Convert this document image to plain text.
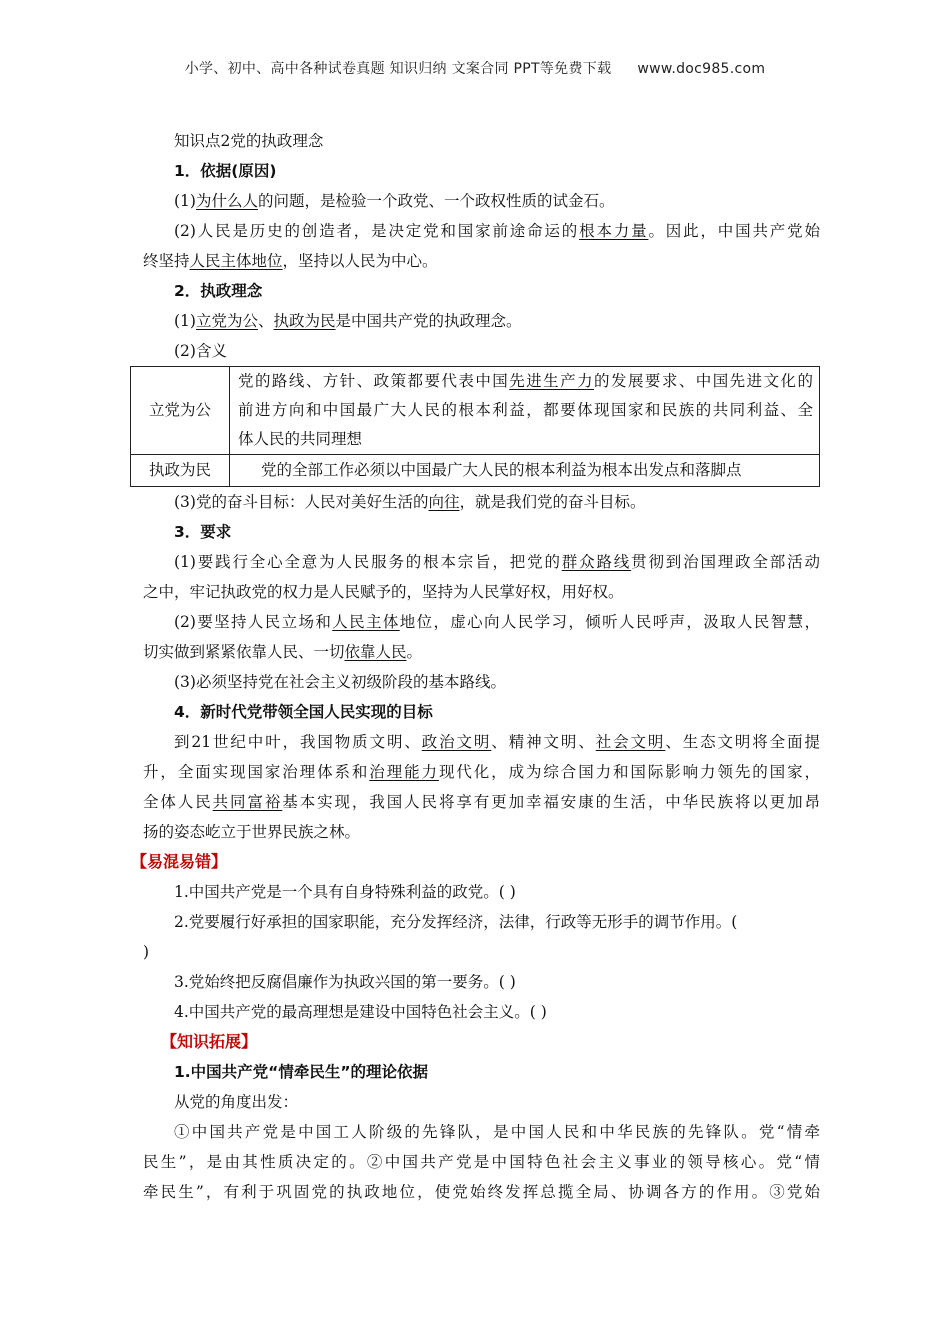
小学、初中、高中各种试卷真题 知识归纳 文案合同 PPT等免费下载 www.doc985.com
知识点2党的执政理念
1．依据(原因)
(1)为什么人的问题，是检验一个政党、一个政权性质的试金石。
(2)人民是历史的创造者，是决定党和国家前途命运的根本力量。因此，中国共产党始
终坚持人民主体地位，坚持以人民为中心。
2．执政理念
(1)立党为公、执政为民是中国共产党的执政理念。
(2)含义
立党为公	党的路线、方针、政策都要代表中国先进生产力的发展要求、中国先进文化的
前进方向和中国最广大人民的根本利益，都要体现国家和民族的共同利益、全
体人民的共同理想

执政为民	党的全部工作必须以中国最广大人民的根本利益为根本出发点和落脚点
(3)党的奋斗目标：人民对美好生活的向往，就是我们党的奋斗目标。
3．要求
(1)要践行全心全意为人民服务的根本宗旨，把党的群众路线贯彻到治国理政全部活动
之中，牢记执政党的权力是人民赋予的，坚持为人民掌好权，用好权。
(2)要坚持人民立场和人民主体地位，虚心向人民学习，倾听人民呼声，汲取人民智慧，
切实做到紧紧依靠人民、一切依靠人民。
(3)必须坚持党在社会主义初级阶段的基本路线。
4．新时代党带领全国人民实现的目标
到21世纪中叶，我国物质文明、政治文明、精神文明、社会文明、生态文明将全面提
升，全面实现国家治理体系和治理能力现代化，成为综合国力和国际影响力领先的国家，
全体人民共同富裕基本实现，我国人民将享有更加幸福安康的生活，中华民族将以更加昂
扬的姿态屹立于世界民族之林。
【易混易错】
1.中国共产党是一个具有自身特殊利益的政党。( )
2.党要履行好承担的国家职能，充分发挥经济，法律，行政等无形手的调节作用。(
)
3.党始终把反腐倡廉作为执政兴国的第一要务。( )
4.中国共产党的最高理想是建设中国特色社会主义。( )
【知识拓展】
1.中国共产党“情牵民生”的理论依据
从党的角度出发：
①中国共产党是中国工人阶级的先锋队，是中国人民和中华民族的先锋队。党“情牵
民生”，是由其性质决定的。②中国共产党是中国特色社会主义事业的领导核心。党“情
牵民生”，有利于巩固党的执政地位，使党始终发挥总揽全局、协调各方的作用。③党始
